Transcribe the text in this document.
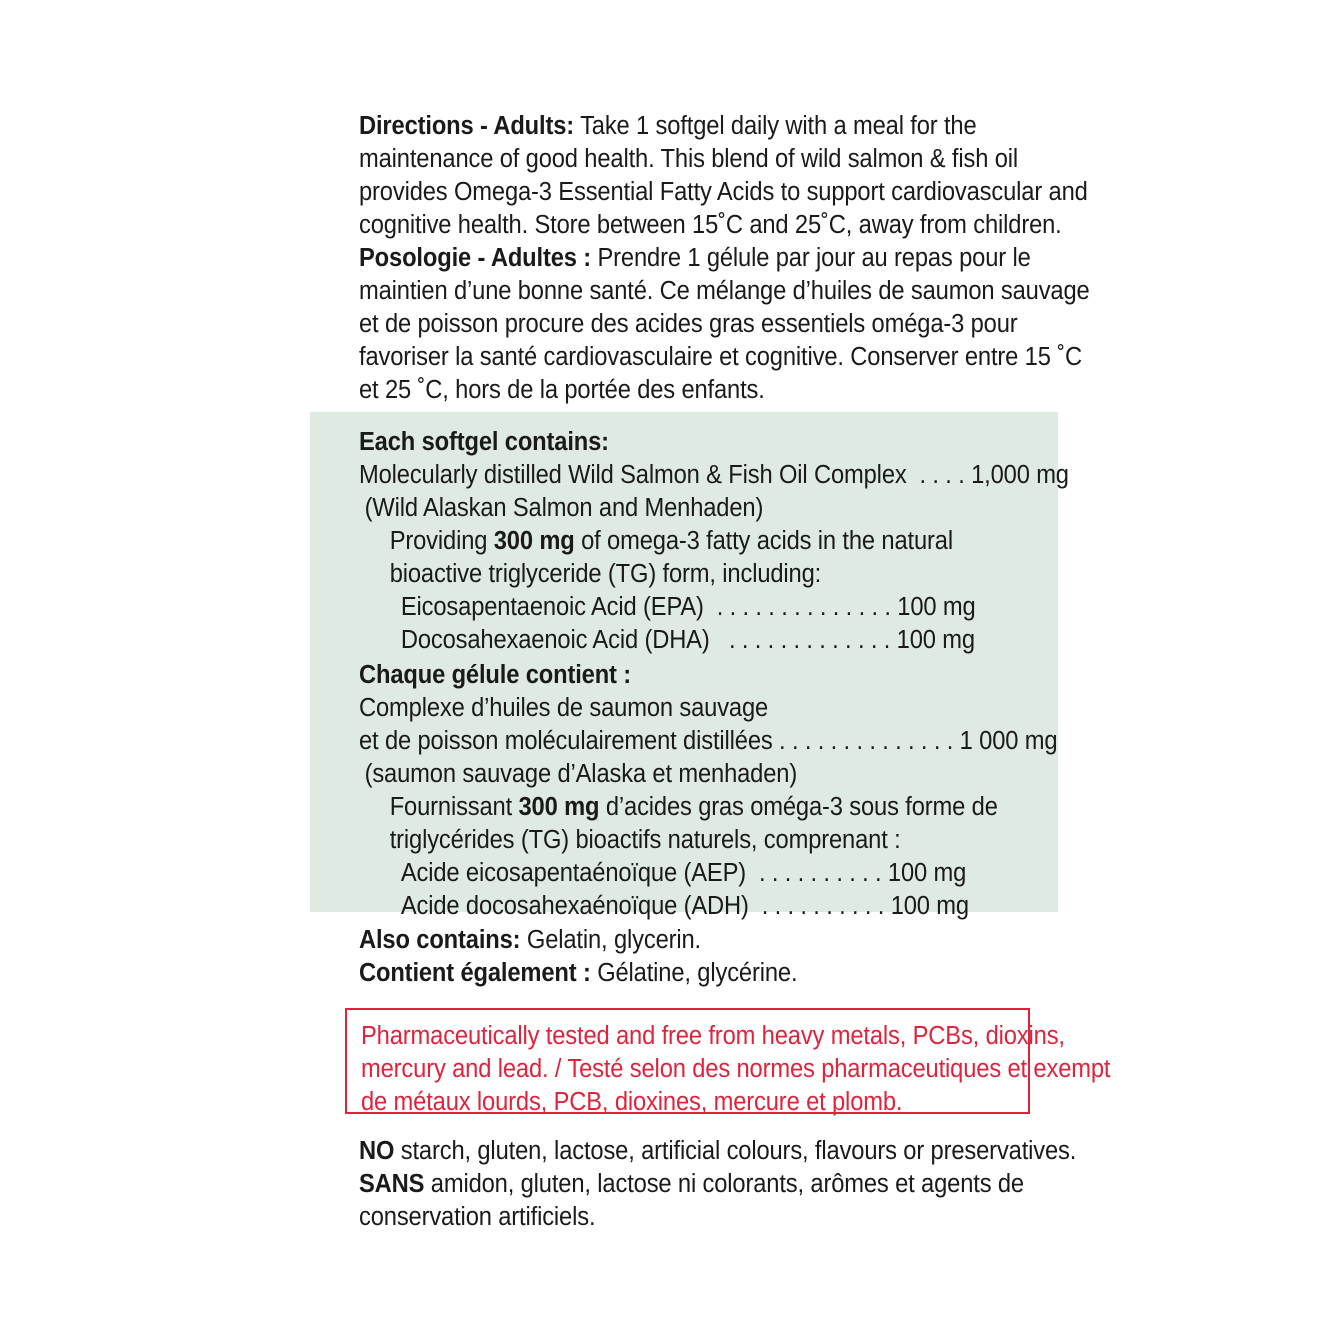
Directions - Adults: Take 1 softgel daily with a meal for the
maintenance of good health. This blend of wild salmon & fish oil
provides Omega-3 Essential Fatty Acids to support cardiovascular and
cognitive health. Store between 15˚C and 25˚C, away from children.
Posologie - Adultes : Prendre 1 gélule par jour au repas pour le
maintien d’une bonne santé. Ce mélange d’huiles de saumon sauvage
et de poisson procure des acides gras essentiels oméga-3 pour
favoriser la santé cardiovasculaire et cognitive. Conserver entre 15 ˚C
et 25 ˚C, hors de la portée des enfants.
Each softgel contains:
Molecularly distilled Wild Salmon & Fish Oil Complex  . . . . 1,000 mg
(Wild Alaskan Salmon and Menhaden)
Providing 300 mg of omega-3 fatty acids in the natural
bioactive triglyceride (TG) form, including:
Eicosapentaenoic Acid (EPA)  . . . . . . . . . . . . . . 100 mg
Docosahexaenoic Acid (DHA)   . . . . . . . . . . . . . 100 mg
Chaque gélule contient :
Complexe d’huiles de saumon sauvage
et de poisson moléculairement distillées . . . . . . . . . . . . . . 1 000 mg
(saumon sauvage d’Alaska et menhaden)
Fournissant 300 mg d’acides gras oméga-3 sous forme de
triglycérides (TG) bioactifs naturels, comprenant :
Acide eicosapentaénoïque (AEP)  . . . . . . . . . . 100 mg
Acide docosahexaénoïque (ADH)  . . . . . . . . . . 100 mg
Also contains: Gelatin, glycerin.
Contient également : Gélatine, glycérine.
Pharmaceutically tested and free from heavy metals, PCBs, dioxins,
mercury and lead. / Testé selon des normes pharmaceutiques et exempt
de métaux lourds, PCB, dioxines, mercure et plomb.
NO starch, gluten, lactose, artificial colours, flavours or preservatives.
SANS amidon, gluten, lactose ni colorants, arômes et agents de
conservation artificiels.
